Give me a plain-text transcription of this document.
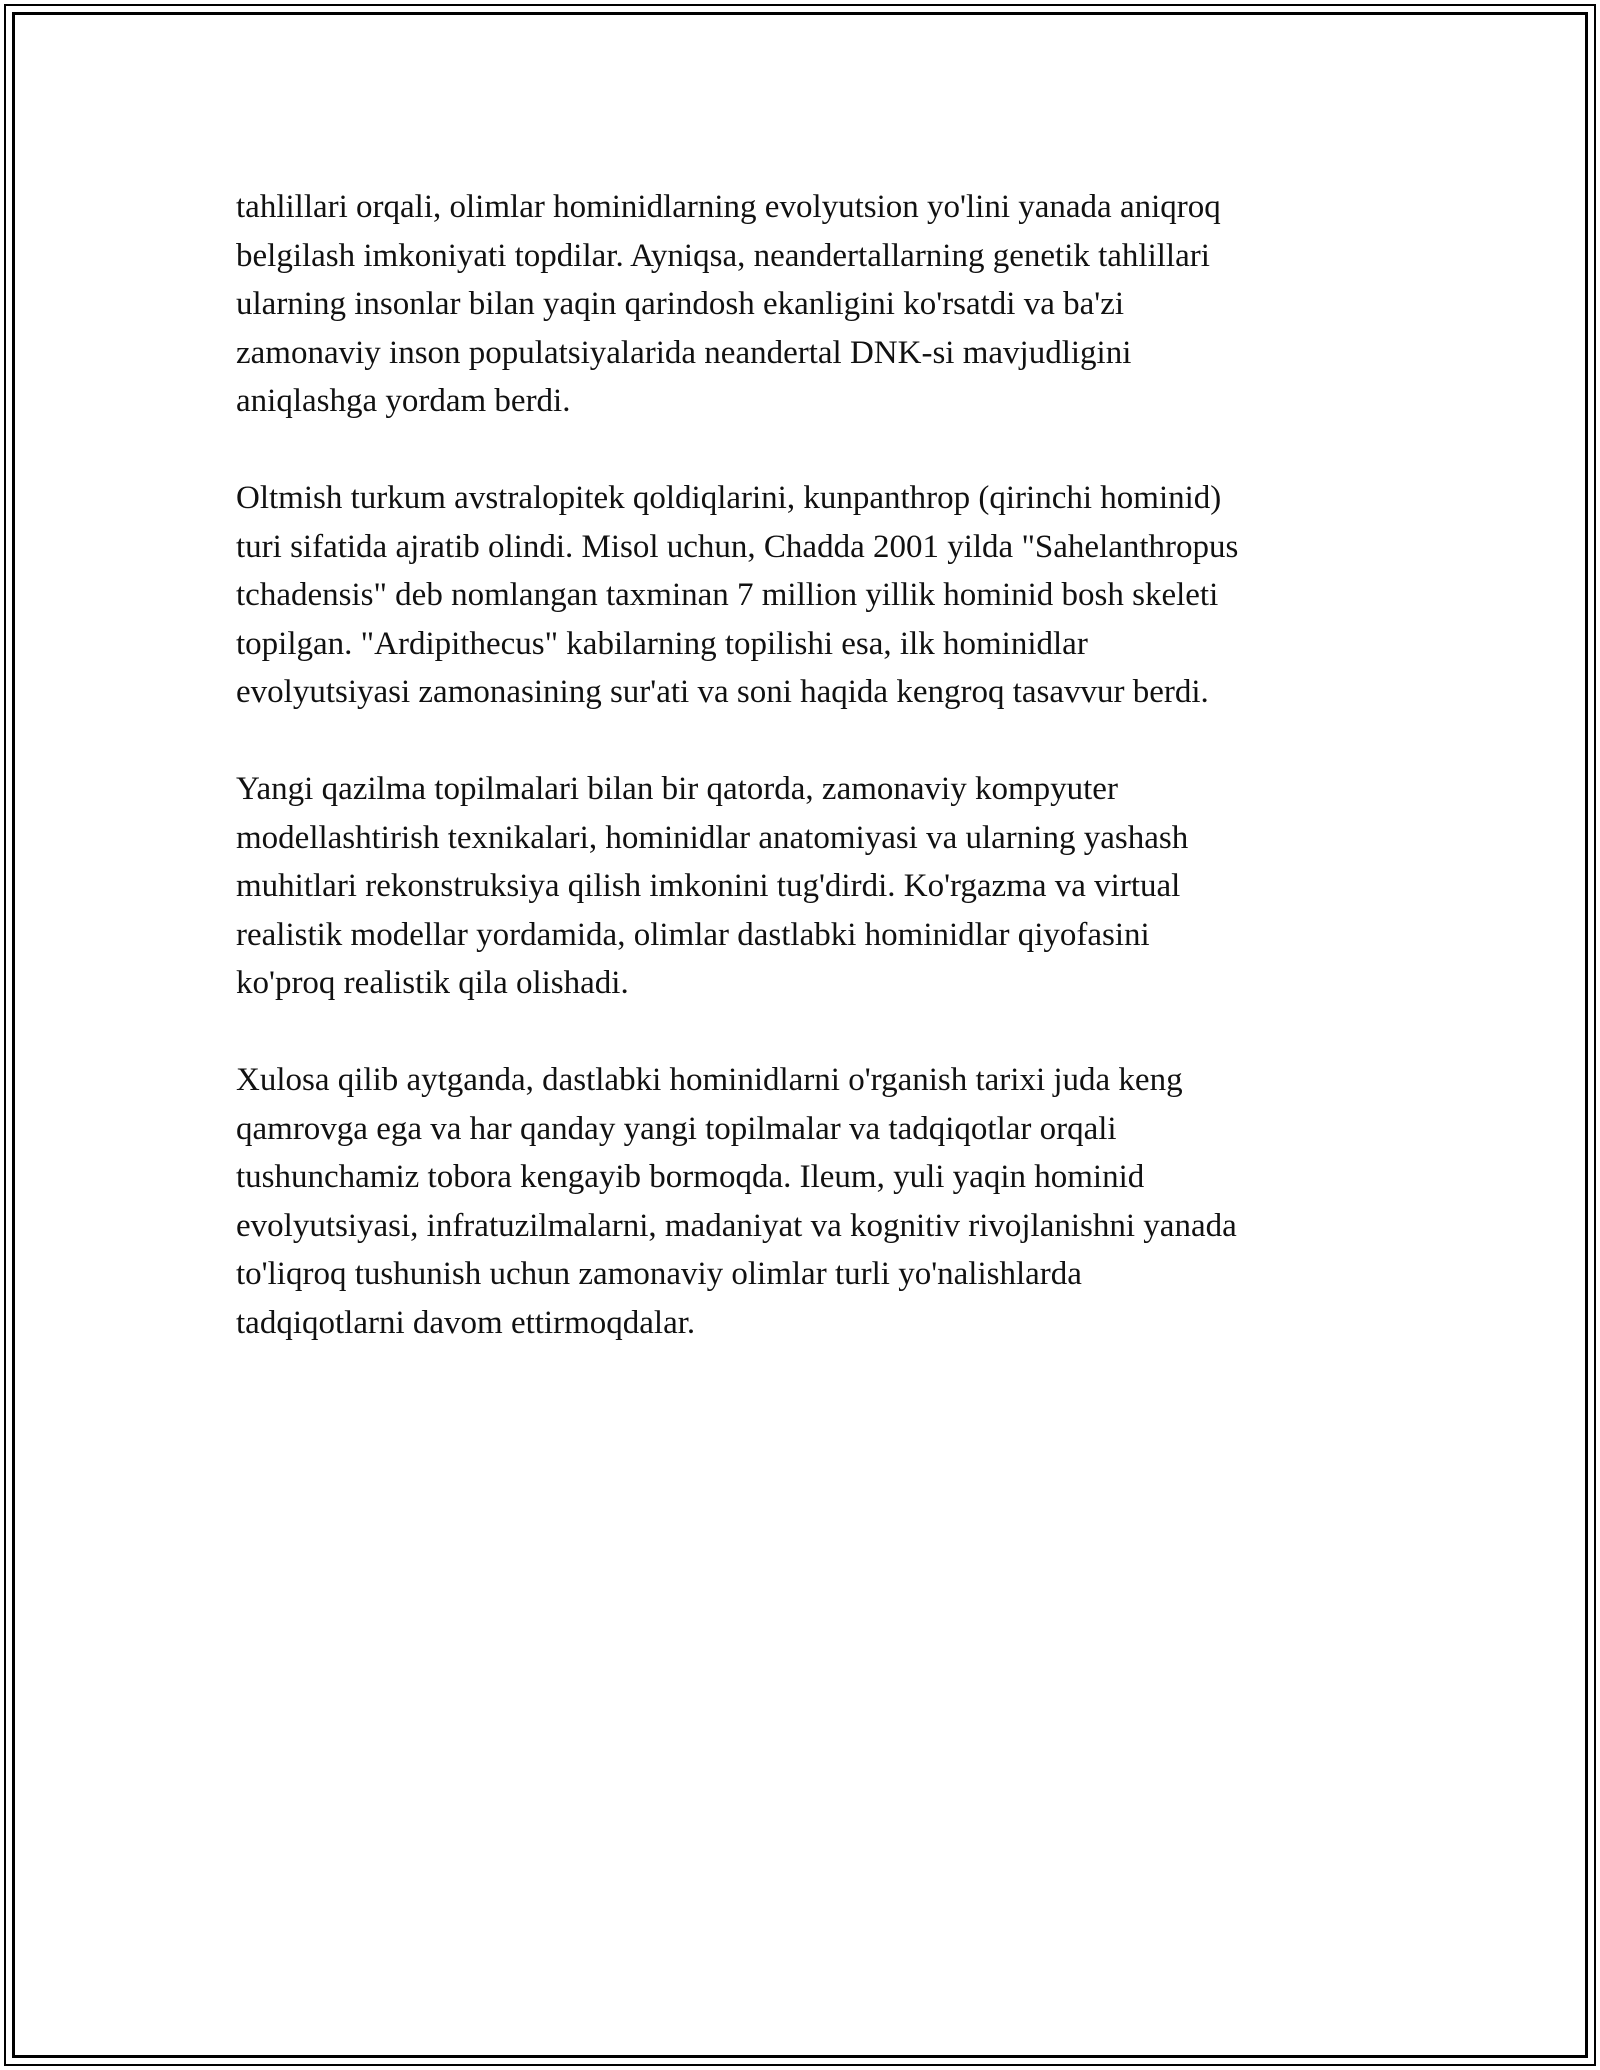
tahlillari orqali, olimlar hominidlarning evolyutsion yo'lini yanada aniqroq
belgilash imkoniyati topdilar. Ayniqsa, neandertallarning genetik tahlillari
ularning insonlar bilan yaqin qarindosh ekanligini ko'rsatdi va ba'zi
zamonaviy inson populatsiyalarida neandertal DNK-si mavjudligini
aniqlashga yordam berdi.

Oltmish turkum avstralopitek qoldiqlarini, kunpanthrop (qirinchi hominid)
turi sifatida ajratib olindi. Misol uchun, Chadda 2001 yilda "Sahelanthropus
tchadensis" deb nomlangan taxminan 7 million yillik hominid bosh skeleti
topilgan. "Ardipithecus" kabilarning topilishi esa, ilk hominidlar
evolyutsiyasi zamonasining sur'ati va soni haqida kengroq tasavvur berdi.

Yangi qazilma topilmalari bilan bir qatorda, zamonaviy kompyuter
modellashtirish texnikalari, hominidlar anatomiyasi va ularning yashash
muhitlari rekonstruksiya qilish imkonini tug'dirdi. Ko'rgazma va virtual
realistik modellar yordamida, olimlar dastlabki hominidlar qiyofasini
ko'proq realistik qila olishadi.

Xulosa qilib aytganda, dastlabki hominidlarni o'rganish tarixi juda keng
qamrovga ega va har qanday yangi topilmalar va tadqiqotlar orqali
tushunchamiz tobora kengayib bormoqda. Ileum, yuli yaqin hominid
evolyutsiyasi, infratuzilmalarni, madaniyat va kognitiv rivojlanishni yanada
to'liqroq tushunish uchun zamonaviy olimlar turli yo'nalishlarda
tadqiqotlarni davom ettirmoqdalar.
